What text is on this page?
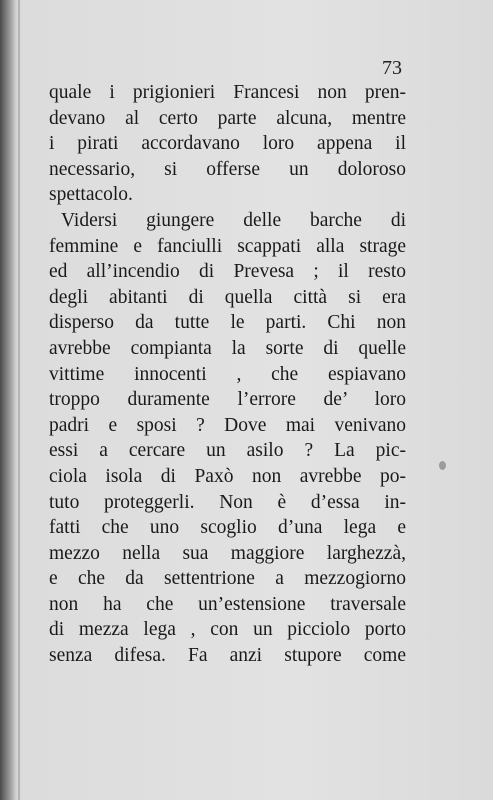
73
quale i prigionieri Francesi non pren-
devano al certo parte alcuna, mentre
i pirati accordavano loro appena il
necessario, si offerse un doloroso
spettacolo.
Vidersi giungere delle barche di
femmine e fanciulli scappati alla strage
ed all’incendio di Prevesa ; il resto
degli abitanti di quella città si era
disperso da tutte le parti. Chi non
avrebbe compianta la sorte di quelle
vittime innocenti , che espiavano
troppo duramente l’errore de’ loro
padri e sposi ? Dove mai venivano
essi a cercare un asilo ? La pic-
ciola isola di Paxò non avrebbe po-
tuto proteggerli. Non è d’essa in-
fatti che uno scoglio d’una lega e
mezzo nella sua maggiore larghezzà,
e che da settentrione a mezzogiorno
non ha che un’estensione traversale
di mezza lega , con un picciolo porto
senza difesa. Fa anzi stupore come
